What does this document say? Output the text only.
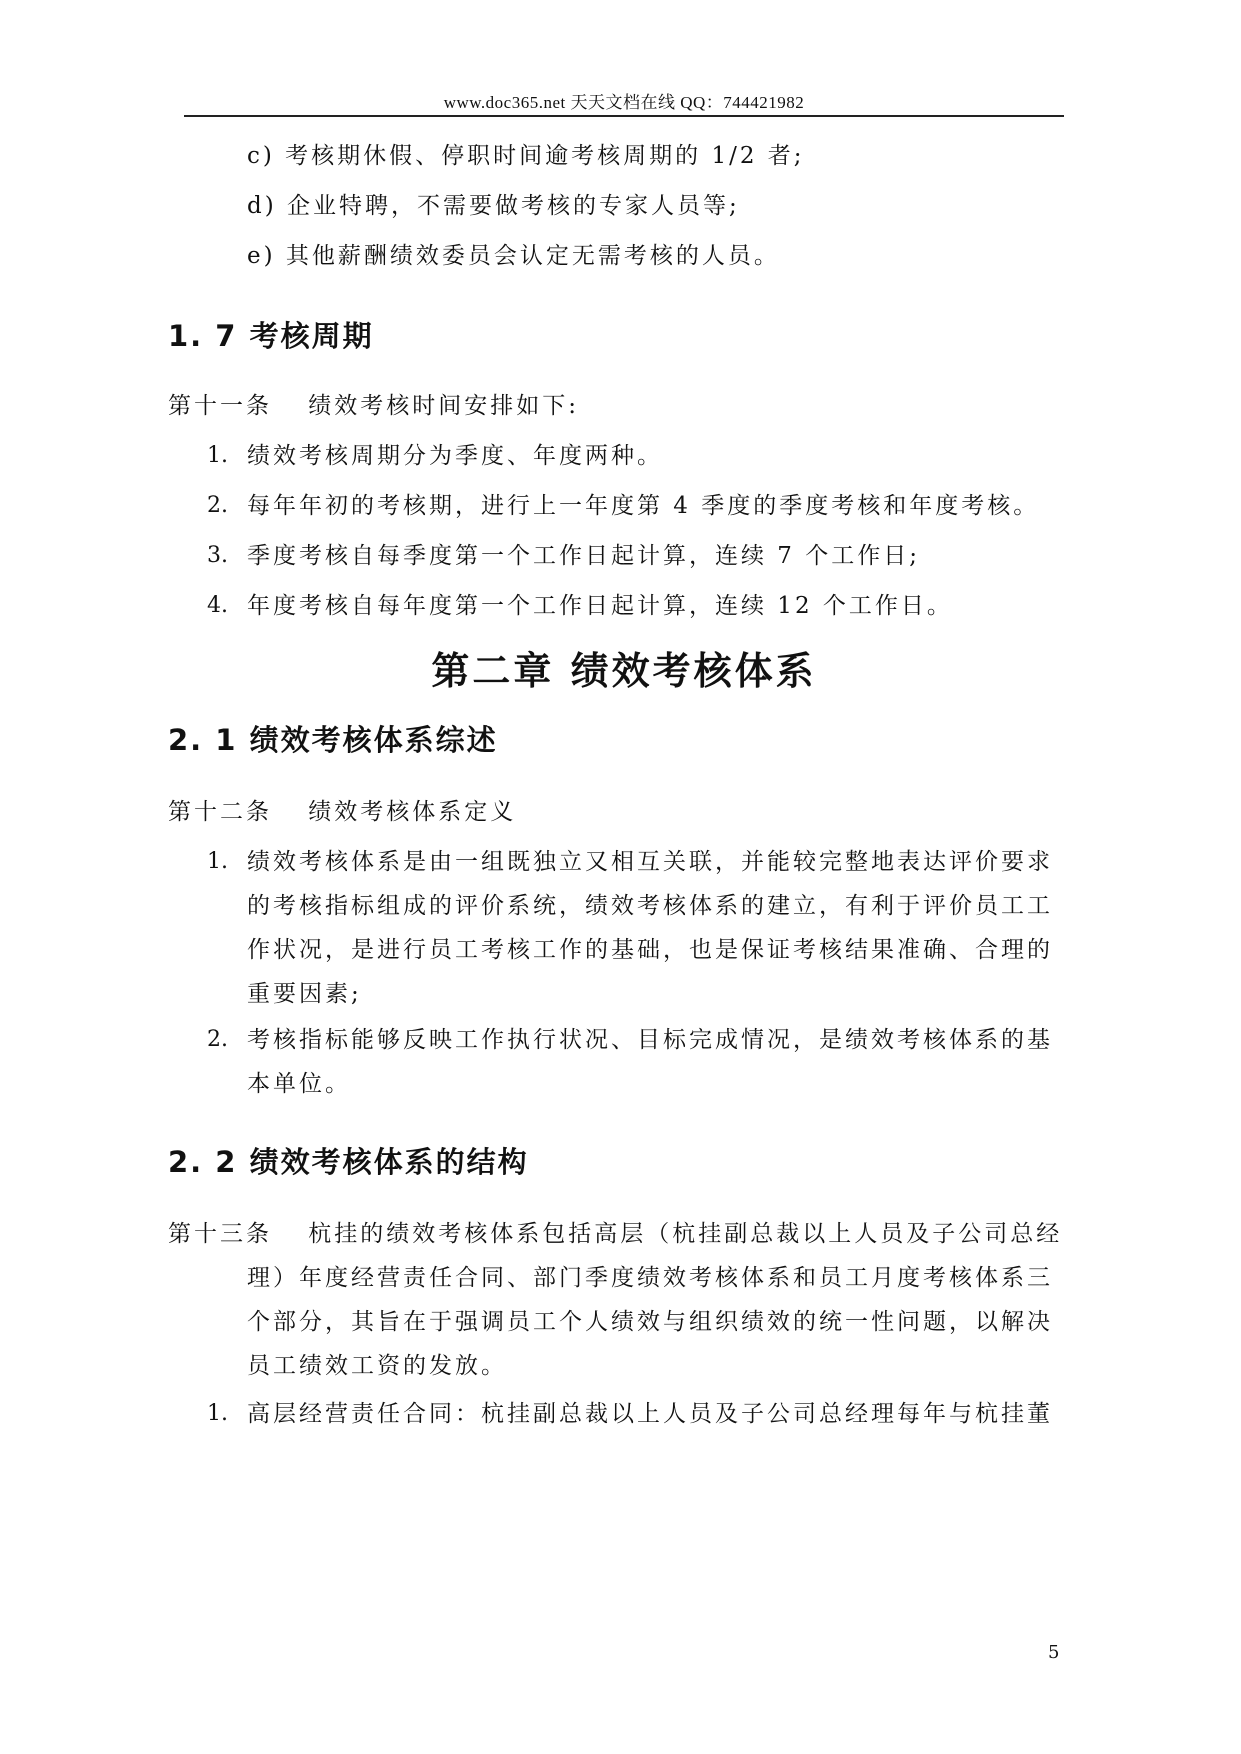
www.doc365.net 天天文档在线 QQ：744421982
c) 考核期休假、停职时间逾考核周期的 1/2 者;
d) 企业特聘，不需要做考核的专家人员等;
e) 其他薪酬绩效委员会认定无需考核的人员。
1. 7 考核周期
第十一条　 绩效考核时间安排如下:
1. 绩效考核周期分为季度、年度两种。
2. 每年年初的考核期，进行上一年度第 4 季度的季度考核和年度考核。
3. 季度考核自每季度第一个工作日起计算，连续 7 个工作日;
4. 年度考核自每年度第一个工作日起计算，连续 12 个工作日。
第二章 绩效考核体系
2. 1 绩效考核体系综述
第十二条　 绩效考核体系定义
1. 绩效考核体系是由一组既独立又相互关联，并能较完整地表达评价要求
的考核指标组成的评价系统，绩效考核体系的建立，有利于评价员工工
作状况，是进行员工考核工作的基础，也是保证考核结果准确、合理的
重要因素;
2. 考核指标能够反映工作执行状况、目标完成情况，是绩效考核体系的基
本单位。
2. 2 绩效考核体系的结构
第十三条　 杭挂的绩效考核体系包括高层（杭挂副总裁以上人员及子公司总经
理）年度经营责任合同、部门季度绩效考核体系和员工月度考核体系三
个部分，其旨在于强调员工个人绩效与组织绩效的统一性问题，以解决
员工绩效工资的发放。
1. 高层经营责任合同：杭挂副总裁以上人员及子公司总经理每年与杭挂董
5
